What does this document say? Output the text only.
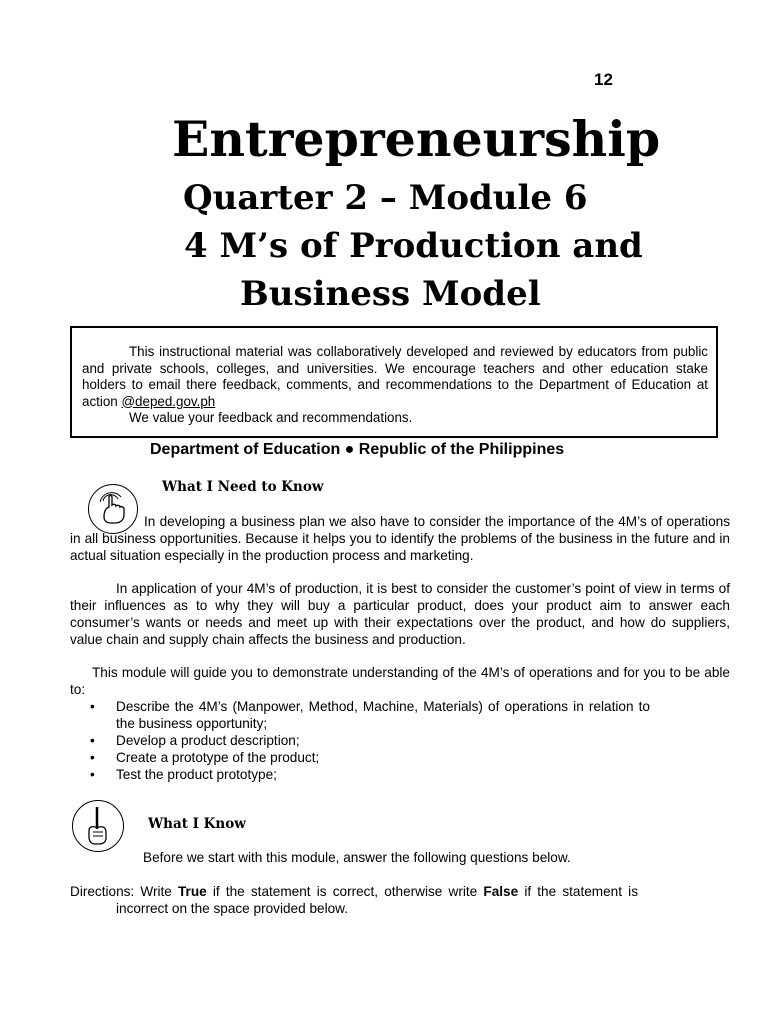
12
Entrepreneurship
Quarter 2 – Module 6
4 M’s of Production and
Business Model

This instructional material was collaboratively developed and reviewed by educators from public and private schools, colleges, and universities. We encourage teachers and other education stake holders to email there feedback, comments, and recommendations to the Department of Education at action @deped.gov.ph

We value your feedback and recommendations.

Department of Education ● Republic of the Philippines
What I Need to Know

In developing a business plan we also have to consider the importance of the 4M’s of operations in all business opportunities. Because it helps you to identify the problems of the business in the future and in actual situation especially in the production process and marketing.

In application of your 4M’s of production, it is best to consider the customer’s point of view in terms of their influences as to why they will buy a particular product, does your product aim to answer each consumer’s wants or needs and meet up with their expectations over the product, and how do suppliers, value chain and supply chain affects the business and production.

This module will guide you to demonstrate understanding of the 4M’s of operations and for you to be able to:

• Describe the 4M’s (Manpower, Method, Machine, Materials) of operations in relation to the business opportunity;
• Develop a product description;
• Create a prototype of the product;
• Test the product prototype;
What I Know
Before we start with this module, answer the following questions below.

Directions: Write True if the statement is correct, otherwise write False if the statement is incorrect on the space provided below.
